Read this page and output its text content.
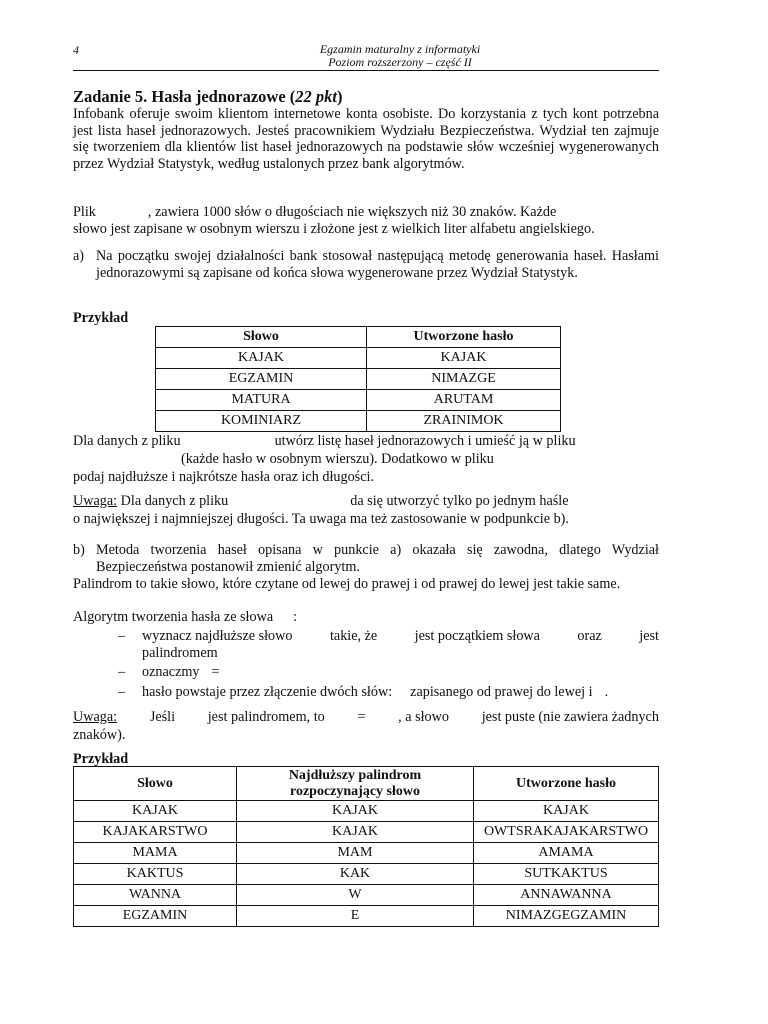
4	Egzamin maturalny z informatyki
Poziom rozszerzony – część II
Zadanie 5. Hasła jednorazowe (22 pkt)
Infobank oferuje swoim klientom internetowe konta osobiste. Do korzystania z tych kont potrzebna jest lista haseł jednorazowych. Jesteś pracownikiem Wydziału Bezpieczeństwa. Wydział ten zajmuje się tworzeniem dla klientów list haseł jednorazowych na podstawie słów wcześniej wygenerowanych przez Wydział Statystyk, według ustalonych przez bank algorytmów.
Plik	, zawiera 1000 słów o długościach nie większych niż 30 znaków. Każde
słowo jest zapisane w osobnym wierszu i złożone jest z wielkich liter alfabetu angielskiego.
a) Na początku swojej działalności bank stosował następującą metodę generowania haseł. Hasłami jednorazowymi są zapisane od końca słowa wygenerowane przez Wydział Statystyk.
Przykład
Słowo	Utworzone hasło
KAJAK	KAJAK
EGZAMIN	NIMAZGE
MATURA	ARUTAM
KOMINIARZ	ZRAINIMOK
Dla danych z pliku	utwórz listę haseł jednorazowych i umieść ją w pliku
(każde hasło w osobnym wierszu). Dodatkowo w pliku
podaj najdłuższe i najkrótsze hasła oraz ich długości.
Uwaga: Dla danych z pliku	da się utworzyć tylko po jednym haśle
o największej i najmniejszej długości. Ta uwaga ma też zastosowanie w podpunkcie b).
b) Metoda tworzenia haseł opisana w punkcie a) okazała się zawodna, dlatego Wydział Bezpieczeństwa postanowił zmienić algorytm.
Palindrom to takie słowo, które czytane od lewej do prawej i od prawej do lewej jest takie same.
Algorytm tworzenia hasła ze słowa :
– wyznacz najdłuższe słowo	takie, że	jest początkiem słowa	oraz	jest
palindromem
– oznaczmy =
– hasło powstaje przez złączenie dwóch słów: zapisanego od prawej do lewej i .
Uwaga: Jeśli jest palindromem, to = , a słowo jest puste (nie zawiera żadnych
znaków).
Przykład
Słowo	Najdłuższy palindrom rozpoczynający słowo	Utworzone hasło
KAJAK	KAJAK	KAJAK
KAJAKARSTWO	KAJAK	OWTSRAKAJAKARSTWO
MAMA	MAM	AMAMA
KAKTUS	KAK	SUTKAKTUS
WANNA	W	ANNAWANNA
EGZAMIN	E	NIMAZGEGZAMIN
